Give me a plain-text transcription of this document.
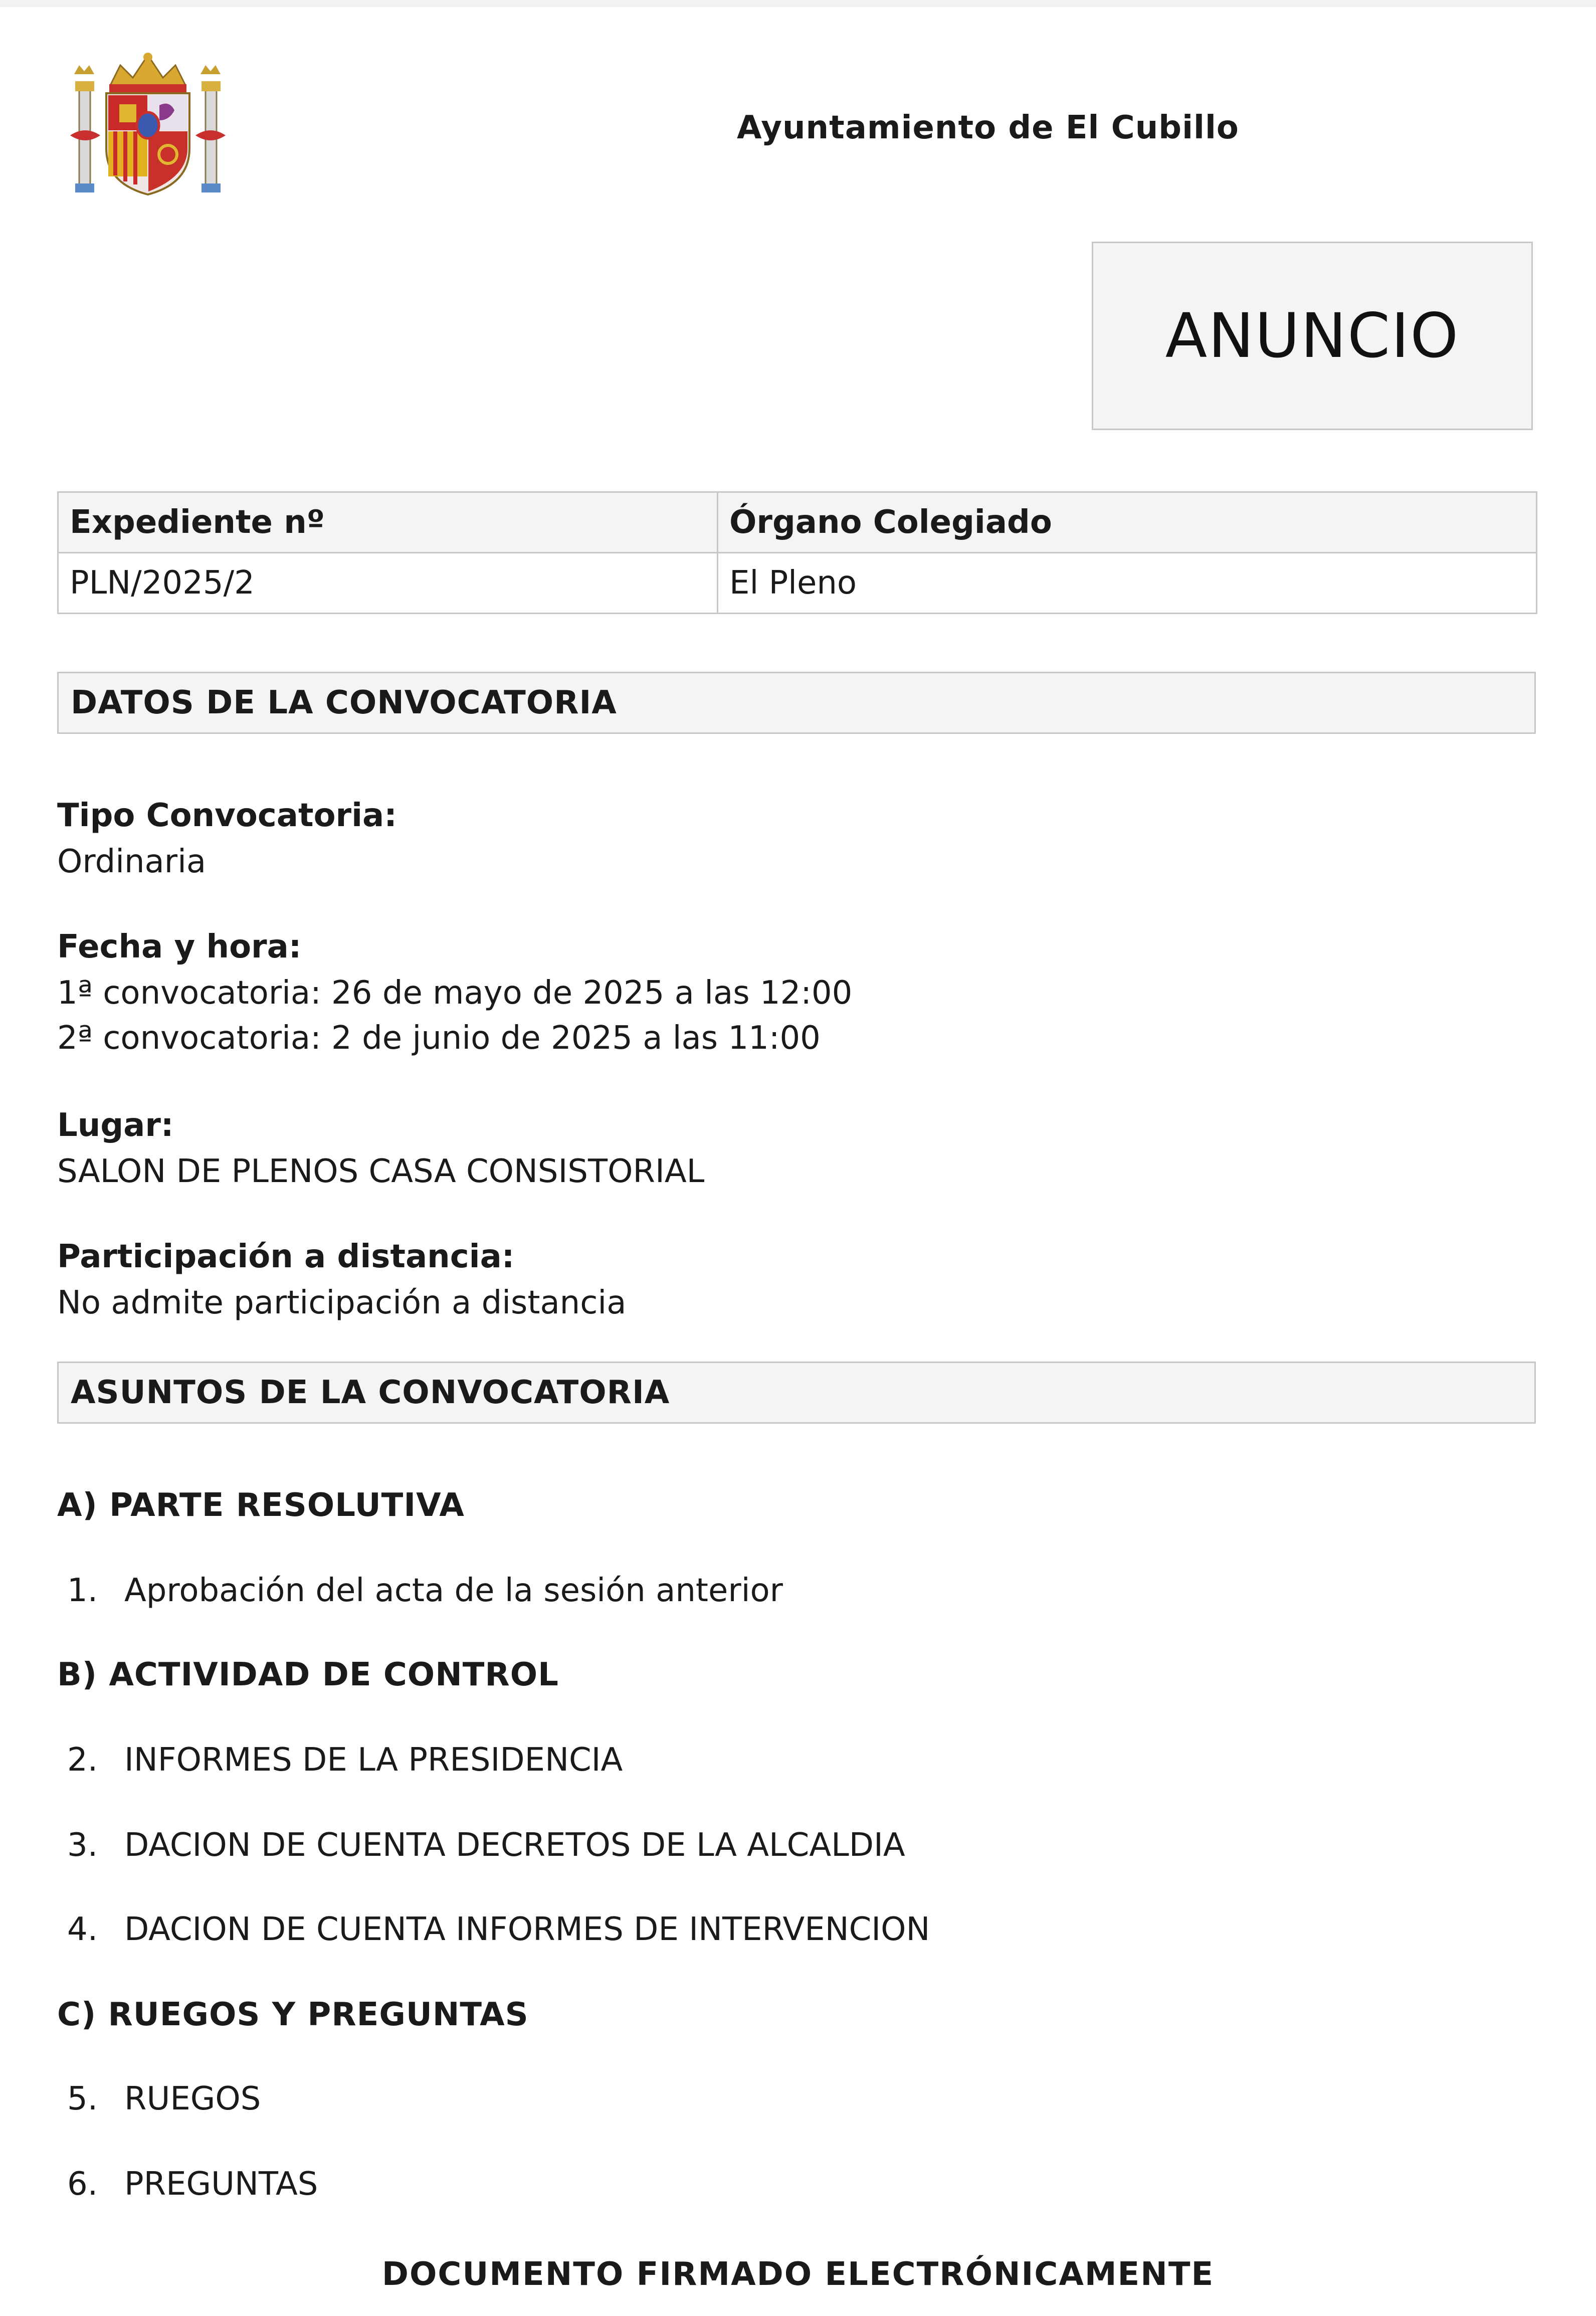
Ayuntamiento de El Cubillo
ANUNCIO
Expediente nº	Órgano Colegiado
PLN/2025/2	El Pleno
DATOS DE LA CONVOCATORIA
Tipo Convocatoria:
Ordinaria
Fecha y hora:
1ª convocatoria: 26 de mayo de 2025 a las 12:00
2ª convocatoria: 2 de junio de 2025 a las 11:00
Lugar:
SALON DE PLENOS CASA CONSISTORIAL
Participación a distancia:
No admite participación a distancia
ASUNTOS DE LA CONVOCATORIA
A) PARTE RESOLUTIVA
1. Aprobación del acta de la sesión anterior
B) ACTIVIDAD DE CONTROL
2. INFORMES DE LA PRESIDENCIA
3. DACION DE CUENTA DECRETOS DE LA ALCALDIA
4. DACION DE CUENTA INFORMES DE INTERVENCION
C) RUEGOS Y PREGUNTAS
5. RUEGOS
6. PREGUNTAS
DOCUMENTO FIRMADO ELECTRÓNICAMENTE
